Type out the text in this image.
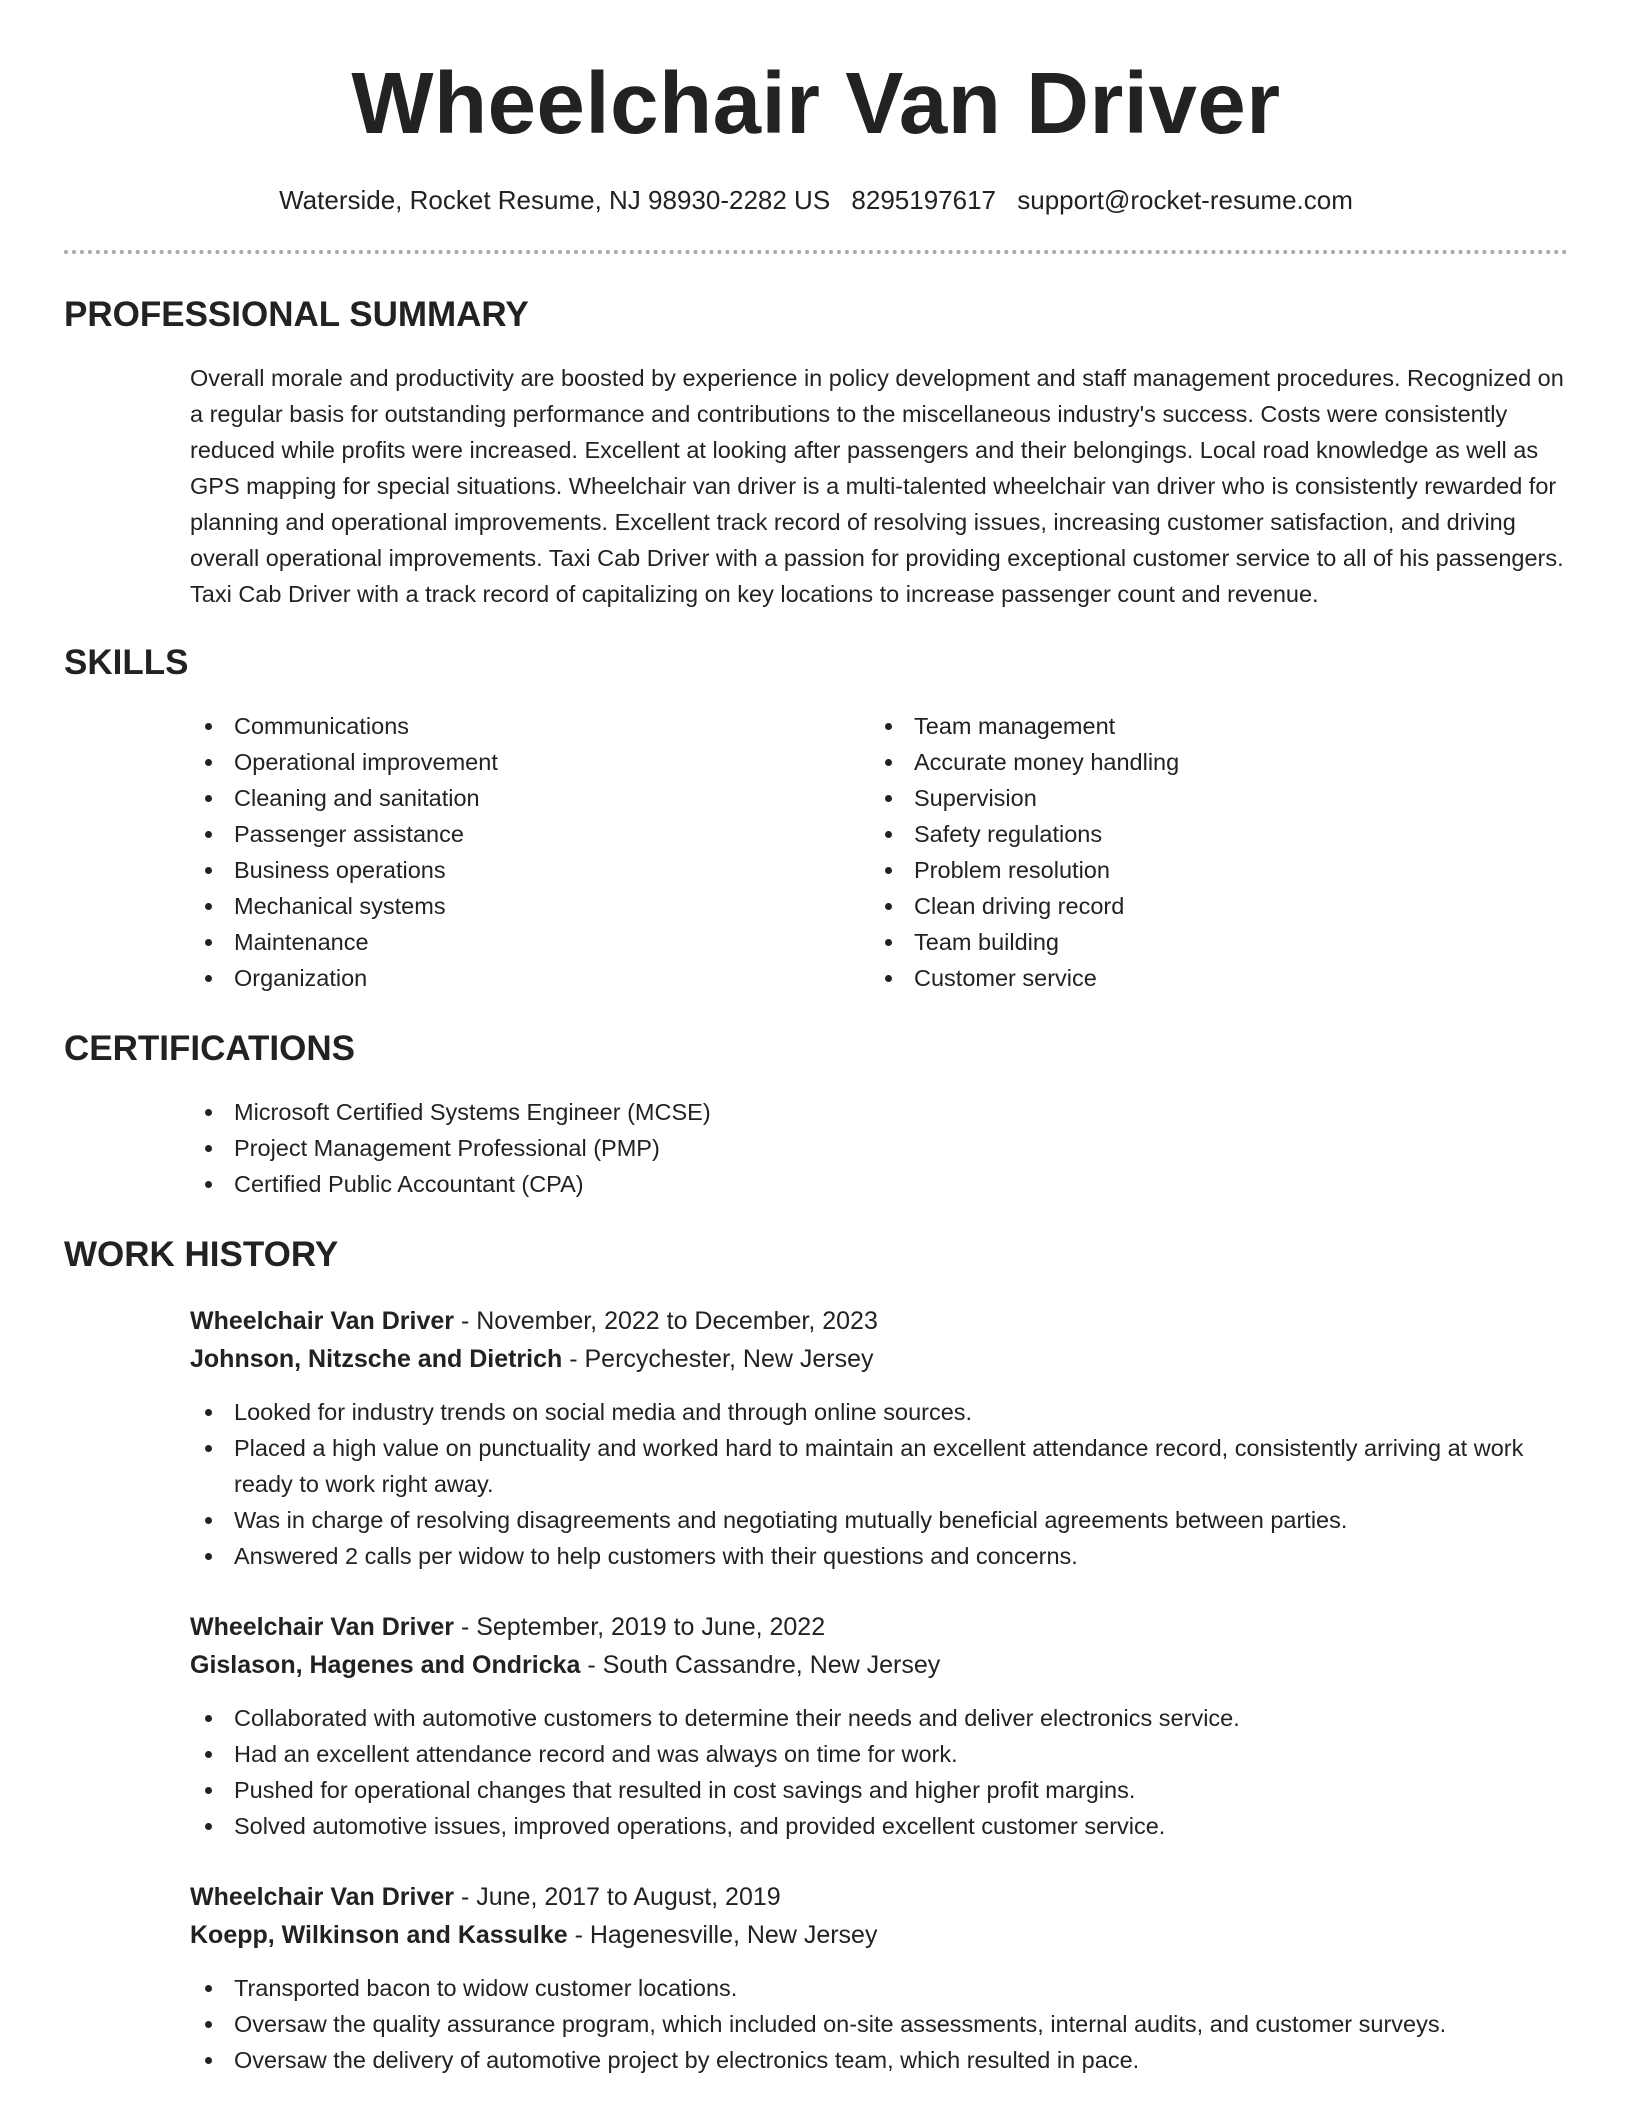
Wheelchair Van Driver
Waterside, Rocket Resume, NJ 98930-2282 US 8295197617 support@rocket-resume.com
PROFESSIONAL SUMMARY

Overall morale and productivity are boosted by experience in policy development and staff management procedures. Recognized on a regular basis for outstanding performance and contributions to the miscellaneous industry's success. Costs were consistently reduced while profits were increased. Excellent at looking after passengers and their belongings. Local road knowledge as well as GPS mapping for special situations. Wheelchair van driver is a multi-talented wheelchair van driver who is consistently rewarded for planning and operational improvements. Excellent track record of resolving issues, increasing customer satisfaction, and driving overall operational improvements. Taxi Cab Driver with a passion for providing exceptional customer service to all of his passengers. Taxi Cab Driver with a track record of capitalizing on key locations to increase passenger count and revenue.

SKILLS
Communications
Operational improvement
Cleaning and sanitation
Passenger assistance
Business operations
Mechanical systems
Maintenance
Organization
Team management
Accurate money handling
Supervision
Safety regulations
Problem resolution
Clean driving record
Team building
Customer service
CERTIFICATIONS
Microsoft Certified Systems Engineer (MCSE)
Project Management Professional (PMP)
Certified Public Accountant (CPA)
WORK HISTORY
Wheelchair Van Driver - November, 2022 to December, 2023
Johnson, Nitzsche and Dietrich - Percychester, New Jersey
Looked for industry trends on social media and through online sources.
Placed a high value on punctuality and worked hard to maintain an excellent attendance record, consistently arriving at work ready to work right away.
Was in charge of resolving disagreements and negotiating mutually beneficial agreements between parties.
Answered 2 calls per widow to help customers with their questions and concerns.
Wheelchair Van Driver - September, 2019 to June, 2022
Gislason, Hagenes and Ondricka - South Cassandre, New Jersey
Collaborated with automotive customers to determine their needs and deliver electronics service.
Had an excellent attendance record and was always on time for work.
Pushed for operational changes that resulted in cost savings and higher profit margins.
Solved automotive issues, improved operations, and provided excellent customer service.
Wheelchair Van Driver - June, 2017 to August, 2019
Koepp, Wilkinson and Kassulke - Hagenesville, New Jersey
Transported bacon to widow customer locations.
Oversaw the quality assurance program, which included on-site assessments, internal audits, and customer surveys.
Oversaw the delivery of automotive project by electronics team, which resulted in pace.
